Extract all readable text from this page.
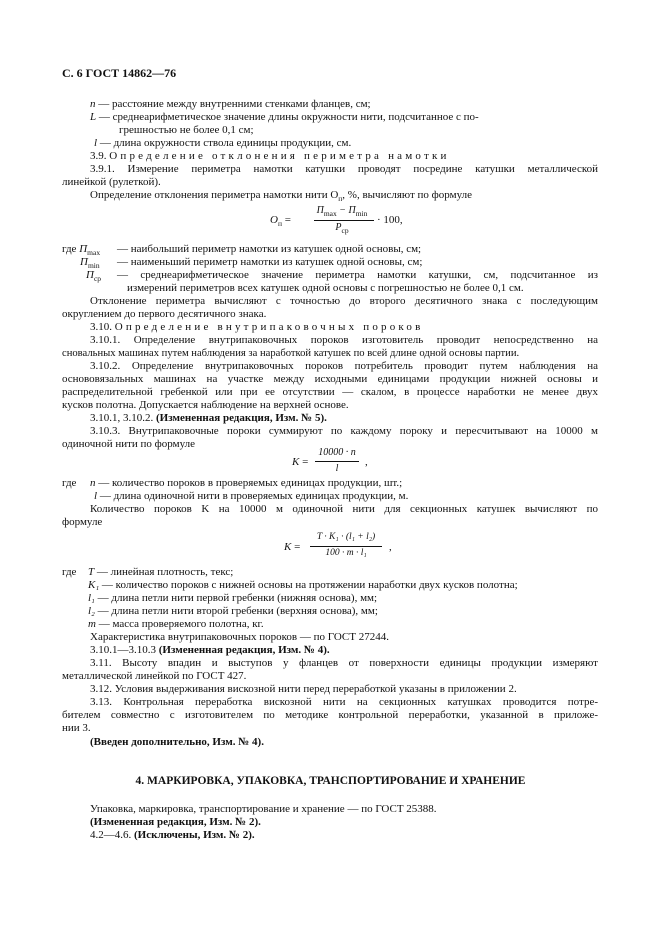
С. 6 ГОСТ 14862—76
n — расстояние между внутренними стенками фланцев, см;
L — среднеарифметическое значение длины окружности нити, подсчитанное с по-
грешностью не более 0,1 см;
l — длина окружности ствола единицы продукции, см.
3.9. Определение отклонения периметра намотки
3.9.1. Измерение периметра намотки катушки проводят посредине катушки металлической
линейкой (рулеткой).
Определение отклонения периметра намотки нити $О_п$, %, вычисляют по формуле
$О_п$ =
$П_{max} - П_{min}$
$Р_{ср}$
· 100,
где $П_{max}$ — наибольший периметр намотки из катушек одной основы, см;
$П_{min}$ — наименьший периметр намотки из катушек одной основы, см;
$П_{ср}$ — среднеарифметическое значение периметра намотки катушки, см, подсчитанное из
измерений периметров всех катушек одной основы с погрешностью не более 0,1 см.
Отклонение периметра вычисляют с точностью до второго десятичного знака с последующим
округлением до первого десятичного знака.
3.10. Определение внутрипаковочных пороков
3.10.1. Определение внутрипаковочных пороков изготовитель проводит непосредственно на
сновальных машинах путем наблюдения за наработкой катушек по всей длине одной основы партии.
3.10.2. Определение внутрипаковочных пороков потребитель проводит путем наблюдения на
основовязальных машинах на участке между исходными единицами продукции нижней основы и
распределительной гребенкой или при ее отсутствии — скалом, в процессе наработки не менее двух
кусков полотна. Допускается наблюдение на верхней основе.
3.10.1, 3.10.2. (Измененная редакция, Изм. № 5).
3.10.3. Внутрипаковочные пороки суммируют по каждому пороку и пересчитывают на 10000 м
одиночной нити по формуле
K =
10000 · n
l
,
где n — количество пороков в проверяемых единицах продукции, шт.;
l — длина одиночной нити в проверяемых единицах продукции, м.
Количество пороков K на 10000 м одиночной нити для секционных катушек вычисляют по
формуле
K =
T · K₁ · (l₁ + l₂)
100 · m · l₁	,
где T — линейная плотность, текс;
K₁ — количество пороков с нижней основы на протяжении наработки двух кусков полотна;
l₁ — длина петли нити первой гребенки (нижняя основа), мм;
l₂ — длина петли нити второй гребенки (верхняя основа), мм;
m — масса проверяемого полотна, кг.
Характеристика внутрипаковочных пороков — по ГОСТ 27244.
3.10.1—3.10.3 (Измененная редакция, Изм. № 4).
3.11. Высоту впадин и выступов у фланцев от поверхности единицы продукции измеряют
металлической линейкой по ГОСТ 427.
3.12. Условия выдерживания вискозной нити перед переработкой указаны в приложении 2.
3.13. Контрольная переработка вискозной нити на секционных катушках проводится потре-
бителем совместно с изготовителем по методике контрольной переработки, указанной в приложе-
нии 3.
(Введен дополнительно, Изм. № 4).
4. МАРКИРОВКА, УПАКОВКА, ТРАНСПОРТИРОВАНИЕ И ХРАНЕНИЕ
Упаковка, маркировка, транспортирование и хранение — по ГОСТ 25388.
(Измененная редакция, Изм. № 2).
4.2—4.6. (Исключены, Изм. № 2).
